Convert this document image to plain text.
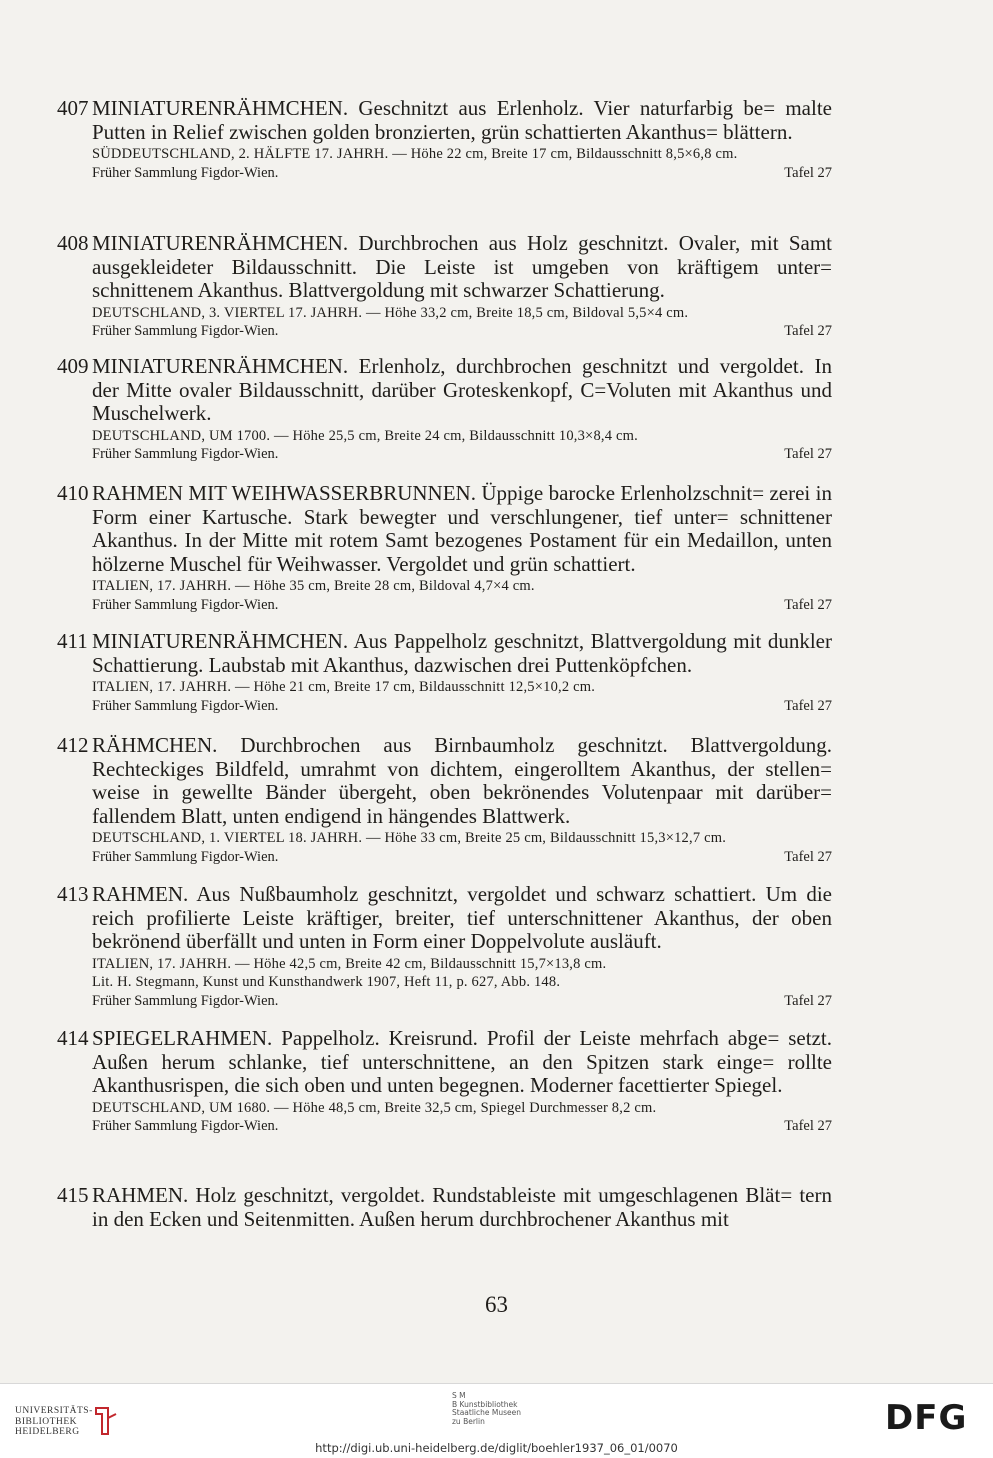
407 MINIATURENRÄHMCHEN. Geschnitzt aus Erlenholz. Vier naturfarbig be= malte Putten in Relief zwischen golden bronzierten, grün schattierten Akanthus= blättern.
SÜDDEUTSCHLAND, 2. HÄLFTE 17. JAHRH. — Höhe 22 cm, Breite 17 cm, Bildausschnitt 8,5×6,8 cm.
Früher Sammlung Figdor-Wien.	Tafel 27
408 MINIATURENRÄHMCHEN. Durchbrochen aus Holz geschnitzt. Ovaler, mit Samt ausgekleideter Bildausschnitt. Die Leiste ist umgeben von kräftigem unter= schnittenem Akanthus. Blattvergoldung mit schwarzer Schattierung.
DEUTSCHLAND, 3. VIERTEL 17. JAHRH. — Höhe 33,2 cm, Breite 18,5 cm, Bildoval 5,5×4 cm.
Früher Sammlung Figdor-Wien.	Tafel 27
409 MINIATURENRÄHMCHEN. Erlenholz, durchbrochen geschnitzt und vergoldet. In der Mitte ovaler Bildausschnitt, darüber Groteskenkopf, C=Voluten mit Akanthus und Muschelwerk.
DEUTSCHLAND, UM 1700. — Höhe 25,5 cm, Breite 24 cm, Bildausschnitt 10,3×8,4 cm.
Früher Sammlung Figdor-Wien.	Tafel 27
410 RAHMEN MIT WEIHWASSERBRUNNEN. Üppige barocke Erlenholzschnit= zerei in Form einer Kartusche. Stark bewegter und verschlungener, tief unter= schnittener Akanthus. In der Mitte mit rotem Samt bezogenes Postament für ein Medaillon, unten hölzerne Muschel für Weihwasser. Vergoldet und grün schattiert.
ITALIEN, 17. JAHRH. — Höhe 35 cm, Breite 28 cm, Bildoval 4,7×4 cm.
Früher Sammlung Figdor-Wien.	Tafel 27
411 MINIATURENRÄHMCHEN. Aus Pappelholz geschnitzt, Blattvergoldung mit dunkler Schattierung. Laubstab mit Akanthus, dazwischen drei Puttenköpfchen.
ITALIEN, 17. JAHRH. — Höhe 21 cm, Breite 17 cm, Bildausschnitt 12,5×10,2 cm.
Früher Sammlung Figdor-Wien.	Tafel 27
412 RÄHMCHEN. Durchbrochen aus Birnbaumholz geschnitzt. Blattvergoldung. Rechteckiges Bildfeld, umrahmt von dichtem, eingerolltem Akanthus, der stellen= weise in gewellte Bänder übergeht, oben bekrönendes Volutenpaar mit darüber= fallendem Blatt, unten endigend in hängendes Blattwerk.
DEUTSCHLAND, 1. VIERTEL 18. JAHRH. — Höhe 33 cm, Breite 25 cm, Bildausschnitt 15,3×12,7 cm.
Früher Sammlung Figdor-Wien.	Tafel 27
413 RAHMEN. Aus Nußbaumholz geschnitzt, vergoldet und schwarz schattiert. Um die reich profilierte Leiste kräftiger, breiter, tief unterschnittener Akanthus, der oben bekrönend überfällt und unten in Form einer Doppelvolute ausläuft.
ITALIEN, 17. JAHRH. — Höhe 42,5 cm, Breite 42 cm, Bildausschnitt 15,7×13,8 cm.
Lit. H. Stegmann, Kunst und Kunsthandwerk 1907, Heft 11, p. 627, Abb. 148.
Früher Sammlung Figdor-Wien.	Tafel 27
414 SPIEGELRAHMEN. Pappelholz. Kreisrund. Profil der Leiste mehrfach abge= setzt. Außen herum schlanke, tief unterschnittene, an den Spitzen stark einge= rollte Akanthusrispen, die sich oben und unten begegnen. Moderner facettierter Spiegel.
DEUTSCHLAND, UM 1680. — Höhe 48,5 cm, Breite 32,5 cm, Spiegel Durchmesser 8,2 cm.
Früher Sammlung Figdor-Wien.	Tafel 27
415 RAHMEN. Holz geschnitzt, vergoldet. Rundstableiste mit umgeschlagenen Blät= tern in den Ecken und Seitenmitten. Außen herum durchbrochener Akanthus mit
63
UNIVERSITÄTS-
BIBLIOTHEK
HEIDELBERG
S M
B Kunstbibliothek
Staatliche Museen
zu Berlin	DFG
http://digi.ub.uni-heidelberg.de/diglit/boehler1937_06_01/0070
